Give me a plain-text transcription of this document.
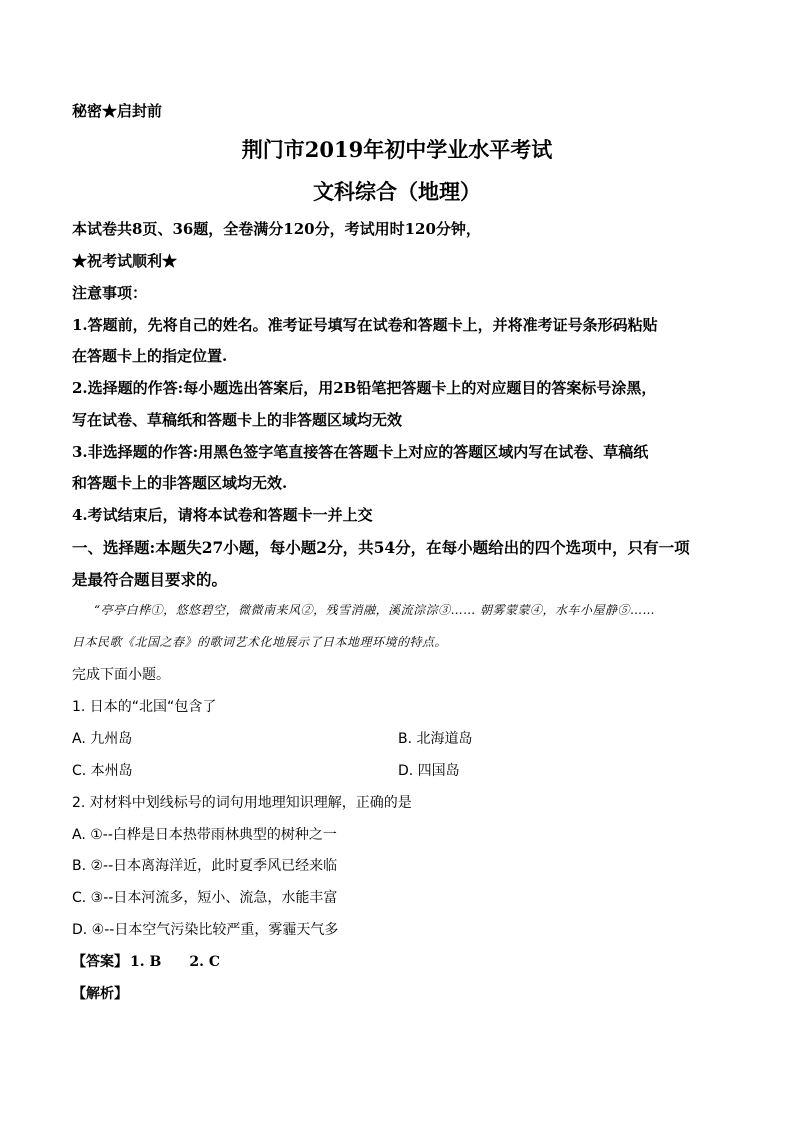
秘密★启封前
荆门市2019年初中学业水平考试
文科综合（地理）
本试卷共8页、36题，全卷满分120分，考试用时120分钟，
★祝考试顺利★
注意事项：
1.答题前，先将自己的姓名。准考证号填写在试卷和答题卡上，并将准考证号条形码粘贴
在答题卡上的指定位置.
2.选择题的作答:每小题选出答案后，用2B铅笔把答题卡上的对应题目的答案标号涂黑，
写在试卷、草稿纸和答题卡上的非答题区域均无效
3.非选择题的作答:用黑色签字笔直接答在答题卡上对应的答题区域内写在试卷、草稿纸
和答题卡上的非答题区域均无效.
4.考试结束后，请将本试卷和答题卡一并上交
一、选择题:本题失27小题，每小题2分，共54分，在每小题给出的四个选项中，只有一项
是最符合题目要求的。
“亭亭白桦①，悠悠碧空，微微南来风②，残雪消融，溪流淙淙③…… 朝雾蒙蒙④，水车小屋静⑤……
日本民歌《北国之春》的歌词艺术化地展示了日本地理环境的特点。
完成下面小题。
1. 日本的“北国“包含了
A. 九州岛	B. 北海道岛
C. 本州岛	D. 四国岛
2. 对材料中划线标号的词句用地理知识理解，正确的是
A. ①--白桦是日本热带雨林典型的树种之一
B. ②--日本离海洋近，此时夏季风已经来临
C. ③--日本河流多，短小、流急，水能丰富
D. ④--日本空气污染比较严重，雾霾天气多
【答案】 1. B 2. C
【解析】
